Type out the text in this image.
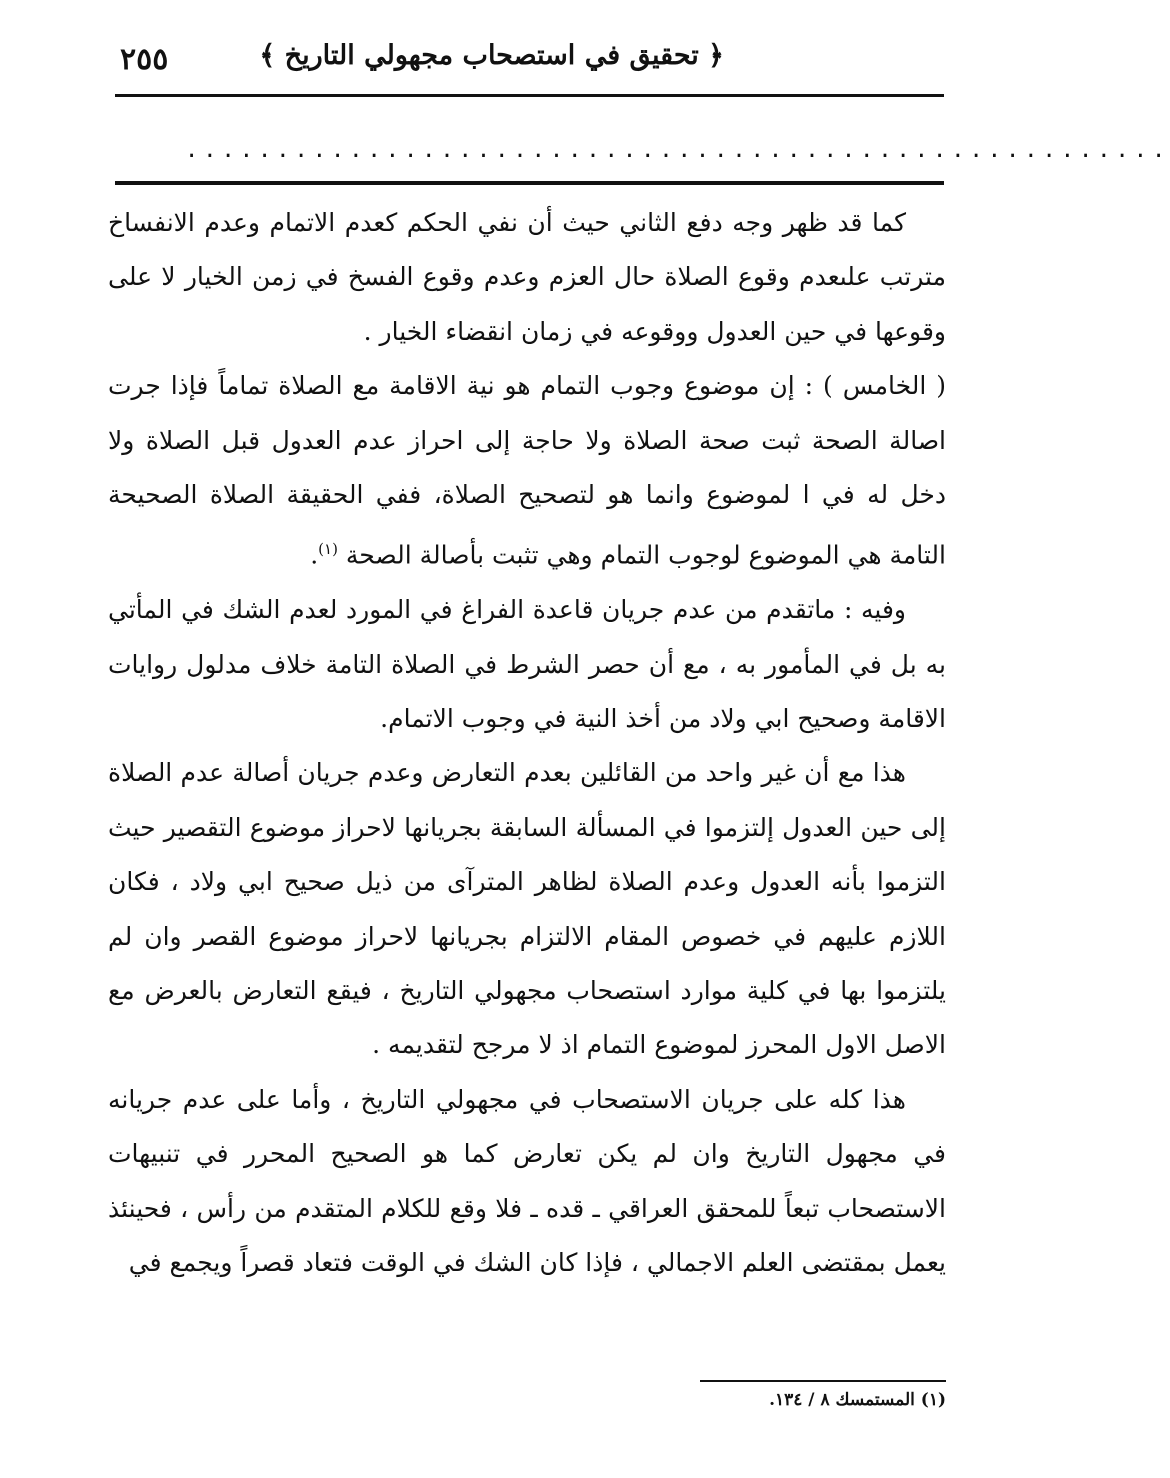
٢٥٥	﴿ تحقيق في استصحاب مجهولي التاريخ ﴾
......................................................

كما قد ظهر وجه دفع الثاني حيث أن نفي الحكم كعدم الاتمام وعدم الانفساخ مترتب علىعدم وقوع الصلاة حال العزم وعدم وقوع الفسخ في زمن الخيار لا على وقوعها في حين العدول ووقوعه في زمان انقضاء الخيار .

( الخامس ) : إن موضوع وجوب التمام هو نية الاقامة مع الصلاة تماماً فإذا جرت اصالة الصحة ثبت صحة الصلاة ولا حاجة إلى احراز عدم العدول قبل الصلاة ولا دخل له في ا لموضوع وانما هو لتصحيح الصلاة، ففي الحقيقة الصلاة الصحيحة التامة هي الموضوع لوجوب التمام وهي تثبت بأصالة الصحة $^{(١)}$.

وفيه : ماتقدم من عدم جريان قاعدة الفراغ في المورد لعدم الشك في المأتي به بل في المأمور به ، مع أن حصر الشرط في الصلاة التامة خلاف مدلول روايات الاقامة وصحيح ابي ولاد من أخذ النية في وجوب الاتمام.

هذا مع أن غير واحد من القائلين بعدم التعارض وعدم جريان أصالة عدم الصلاة إلى حين العدول إلتزموا في المسألة السابقة بجريانها لاحراز موضوع التقصير حيث التزموا بأنه العدول وعدم الصلاة لظاهر المترآى من ذيل صحيح ابي ولاد ، فكان اللازم عليهم في خصوص المقام الالتزام بجريانها لاحراز موضوع القصر وان لم يلتزموا بها في كلية موارد استصحاب مجهولي التاريخ ، فيقع التعارض بالعرض مع الاصل الاول المحرز لموضوع التمام اذ لا مرجح لتقديمه .

هذا كله على جريان الاستصحاب في مجهولي التاريخ ، وأما على عدم جريانه في مجهول التاريخ وان لم يكن تعارض كما هو الصحيح المحرر في تنبيهات الاستصحاب تبعاً للمحقق العراقي ـ قده ـ فلا وقع للكلام المتقدم من رأس ، فحينئذ يعمل بمقتضى العلم الاجمالي ، فإذا كان الشك في الوقت فتعاد قصراً ويجمع في

(١) المستمسك ٨ / ١٣٤.
